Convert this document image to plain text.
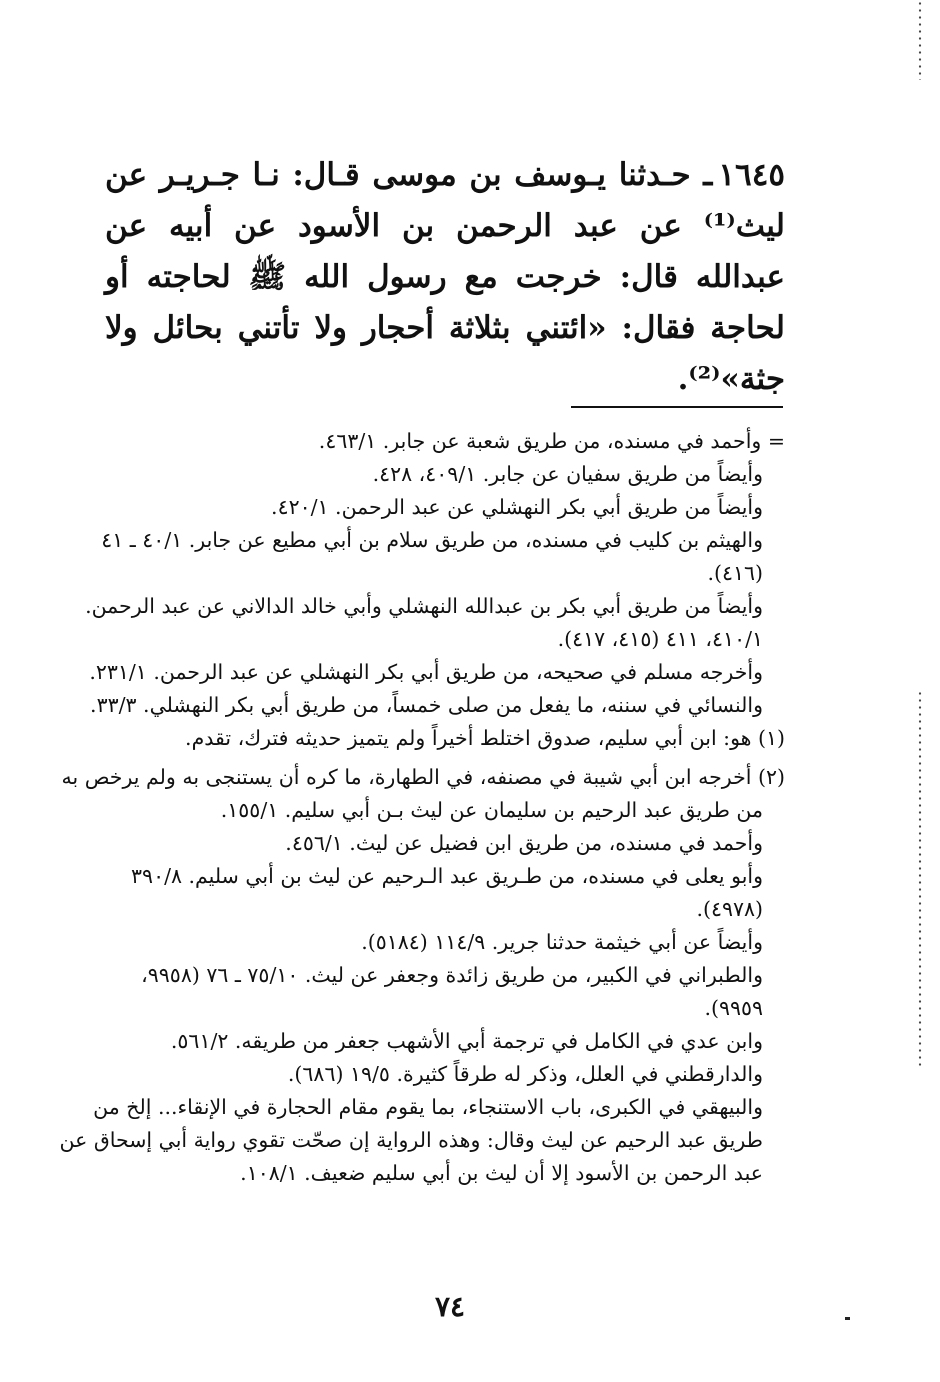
١٦٤٥ـ حـدثنا يـوسف بن موسى قـال: نـا جـريـر عن ليث⁽¹⁾ عن عبد الرحمن بن الأسود عن أبيه عن عبدالله قال: خرجت مع رسول الله ﷺ لحاجته أو لحاجة فقال: «ائتني بثلاثة أحجار ولا تأتني بحائل ولا جثة»⁽²⁾.
= وأحمد في مسنده، من طريق شعبة عن جابر. ٤٦٣/١.
وأيضاً من طريق سفيان عن جابر. ٤٠٩/١، ٤٢٨.
وأيضاً من طريق أبي بكر النهشلي عن عبد الرحمن. ٤٢٠/١.
والهيثم بن كليب في مسنده، من طريق سلام بن أبي مطيع عن جابر. ٤٠/١ ـ ٤١
(٤١٦).
وأيضاً من طريق أبي بكر بن عبدالله النهشلي وأبي خالد الدالاني عن عبد الرحمن.
٤١٠/١، ٤١١ (٤١٥، ٤١٧).
وأخرجه مسلم في صحيحه، من طريق أبي بكر النهشلي عن عبد الرحمن. ٢٣١/١.
والنسائي في سننه، ما يفعل من صلى خمساً، من طريق أبي بكر النهشلي. ٣٣/٣.
(١) هو: ابن أبي سليم، صدوق اختلط أخيراً ولم يتميز حديثه فترك، تقدم.
(٢) أخرجه ابن أبي شيبة في مصنفه، في الطهارة، ما كره أن يستنجى به ولم يرخص به
من طريق عبد الرحيم بن سليمان عن ليث بـن أبي سليم. ١٥٥/١.
وأحمد في مسنده، من طريق ابن فضيل عن ليث. ٤٥٦/١.
وأبو يعلى في مسنده، من طـريق عبد الـرحيم عن ليث بن أبي سليم. ٣٩٠/٨
(٤٩٧٨).
وأيضاً عن أبي خيثمة حدثنا جرير. ١١٤/٩ (٥١٨٤).
والطبراني في الكبير، من طريق زائدة وجعفر عن ليث. ٧٥/١٠ ـ ٧٦ (٩٩٥٨،
٩٩٥٩).
وابن عدي في الكامل في ترجمة أبي الأشهب جعفر من طريقه. ٥٦١/٢.
والدارقطني في العلل، وذكر له طرقاً كثيرة. ١٩/٥ (٦٨٦).
والبيهقي في الكبرى، باب الاستنجاء، بما يقوم مقام الحجارة في الإنقاء... إلخ من
طريق عبد الرحيم عن ليث وقال: وهذه الرواية إن صحّت تقوي رواية أبي إسحاق عن
عبد الرحمن بن الأسود إلا أن ليث بن أبي سليم ضعيف. ١٠٨/١.
٧٤
